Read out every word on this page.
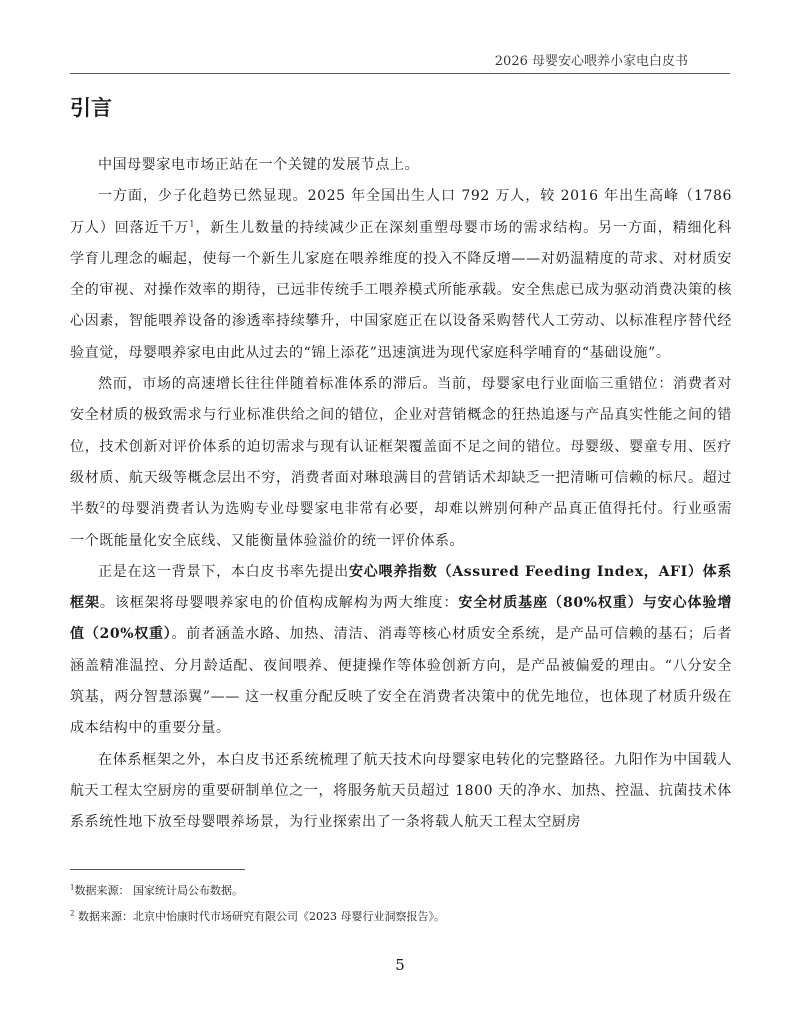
2026 母婴安心喂养小家电白皮书
引言

中国母婴家电市场正站在一个关键的发展节点上。

一方面，少子化趋势已然显现。2025 年全国出生人口 792 万人，较 2016 年出生高峰（1786 万人）回落近千万$^1$，新生儿数量的持续减少正在深刻重塑母婴市场的需求结构。另一方面，精细化科学育儿理念的崛起，使每一个新生儿家庭在喂养维度的投入不降反增——对奶温精度的苛求、对材质安全的审视、对操作效率的期待，已远非传统手工喂养模式所能承载。安全焦虑已成为驱动消费决策的核心因素，智能喂养设备的渗透率持续攀升，中国家庭正在以设备采购替代人工劳动、以标准程序替代经验直觉，母婴喂养家电由此从过去的“锦上添花”迅速演进为现代家庭科学哺育的“基础设施”。

然而，市场的高速增长往往伴随着标准体系的滞后。当前，母婴家电行业面临三重错位：消费者对安全材质的极致需求与行业标准供给之间的错位，企业对营销概念的狂热追逐与产品真实性能之间的错位，技术创新对评价体系的迫切需求与现有认证框架覆盖面不足之间的错位。母婴级、婴童专用、医疗级材质、航天级等概念层出不穷，消费者面对琳琅满目的营销话术却缺乏一把清晰可信赖的标尺。超过半数$^2$的母婴消费者认为选购专业母婴家电非常有必要，却难以辨别何种产品真正值得托付。行业亟需一个既能量化安全底线、又能衡量体验溢价的统一评价体系。

正是在这一背景下，本白皮书率先提出安心喂养指数（Assured Feeding Index，AFI）体系框架。该框架将母婴喂养家电的价值构成解构为两大维度：安全材质基座（80%权重）与安心体验增值（20%权重）。前者涵盖水路、加热、清洁、消毒等核心材质安全系统，是产品可信赖的基石；后者涵盖精准温控、分月龄适配、夜间喂养、便捷操作等体验创新方向，是产品被偏爱的理由。“八分安全筑基，两分智慧添翼”—— 这一权重分配反映了安全在消费者决策中的优先地位，也体现了材质升级在成本结构中的重要分量。

在体系框架之外，本白皮书还系统梳理了航天技术向母婴家电转化的完整路径。九阳作为中国载人航天工程太空厨房的重要研制单位之一，将服务航天员超过 1800 天的净水、加热、控温、抗菌技术体系系统性地下放至母婴喂养场景，为行业探索出了一条将载人航天工程太空厨房

$^1$数据来源： 国家统计局公布数据。
$^2$ 数据来源：北京中怡康时代市场研究有限公司《2023 母婴行业洞察报告》。
5
